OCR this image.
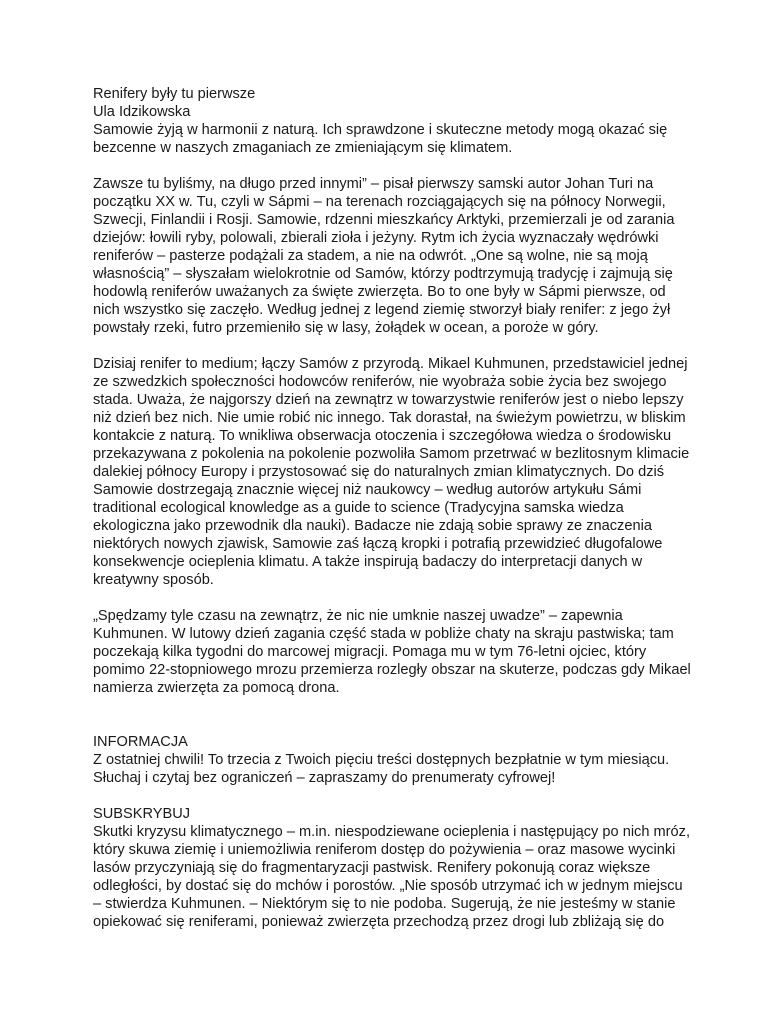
Renifery były tu pierwsze
Ula Idzikowska
Samowie żyją w harmonii z naturą. Ich sprawdzone i skuteczne metody mogą okazać się
bezcenne w naszych zmaganiach ze zmieniającym się klimatem.
Zawsze tu byliśmy, na długo przed innymi” – pisał pierwszy samski autor Johan Turi na
początku XX w. Tu, czyli w Sápmi – na terenach rozciągających się na północy Norwegii,
Szwecji, Finlandii i Rosji. Samowie, rdzenni mieszkańcy Arktyki, przemierzali je od zarania
dziejów: łowili ryby, polowali, zbierali zioła i jeżyny. Rytm ich życia wyznaczały wędrówki
reniferów – pasterze podążali za stadem, a nie na odwrót. „One są wolne, nie są moją
własnością” – słyszałam wielokrotnie od Samów, którzy podtrzymują tradycję i zajmują się
hodowlą reniferów uważanych za święte zwierzęta. Bo to one były w Sápmi pierwsze, od
nich wszystko się zaczęło. Według jednej z legend ziemię stworzył biały renifer: z jego żył
powstały rzeki, futro przemieniło się w lasy, żołądek w ocean, a poroże w góry.
Dzisiaj renifer to medium; łączy Samów z przyrodą. Mikael Kuhmunen, przedstawiciel jednej
ze szwedzkich społeczności hodowców reniferów, nie wyobraża sobie życia bez swojego
stada. Uważa, że najgorszy dzień na zewnątrz w towarzystwie reniferów jest o niebo lepszy
niż dzień bez nich. Nie umie robić nic innego. Tak dorastał, na świeżym powietrzu, w bliskim
kontakcie z naturą. To wnikliwa obserwacja otoczenia i szczegółowa wiedza o środowisku
przekazywana z pokolenia na pokolenie pozwoliła Samom przetrwać w bezlitosnym klimacie
dalekiej północy Europy i przystosować się do naturalnych zmian klimatycznych. Do dziś
Samowie dostrzegają znacznie więcej niż naukowcy – według autorów artykułu Sámi
traditional ecological knowledge as a guide to science (Tradycyjna samska wiedza
ekologiczna jako przewodnik dla nauki). Badacze nie zdają sobie sprawy ze znaczenia
niektórych nowych zjawisk, Samowie zaś łączą kropki i potrafią przewidzieć długofalowe
konsekwencje ocieplenia klimatu. A także inspirują badaczy do interpretacji danych w
kreatywny sposób.
„Spędzamy tyle czasu na zewnątrz, że nic nie umknie naszej uwadze” – zapewnia
Kuhmunen. W lutowy dzień zagania część stada w pobliże chaty na skraju pastwiska; tam
poczekają kilka tygodni do marcowej migracji. Pomaga mu w tym 76-letni ojciec, który
pomimo 22-stopniowego mrozu przemierza rozległy obszar na skuterze, podczas gdy Mikael
namierza zwierzęta za pomocą drona.
INFORMACJA
Z ostatniej chwili! To trzecia z Twoich pięciu treści dostępnych bezpłatnie w tym miesiącu.
Słuchaj i czytaj bez ograniczeń – zapraszamy do prenumeraty cyfrowej!
SUBSKRYBUJ
Skutki kryzysu klimatycznego – m.in. niespodziewane ocieplenia i następujący po nich mróz,
który skuwa ziemię i uniemożliwia reniferom dostęp do pożywienia – oraz masowe wycinki
lasów przyczyniają się do fragmentaryzacji pastwisk. Renifery pokonują coraz większe
odległości, by dostać się do mchów i porostów. „Nie sposób utrzymać ich w jednym miejscu
– stwierdza Kuhmunen. – Niektórym się to nie podoba. Sugerują, że nie jesteśmy w stanie
opiekować się reniferami, ponieważ zwierzęta przechodzą przez drogi lub zbliżają się do
